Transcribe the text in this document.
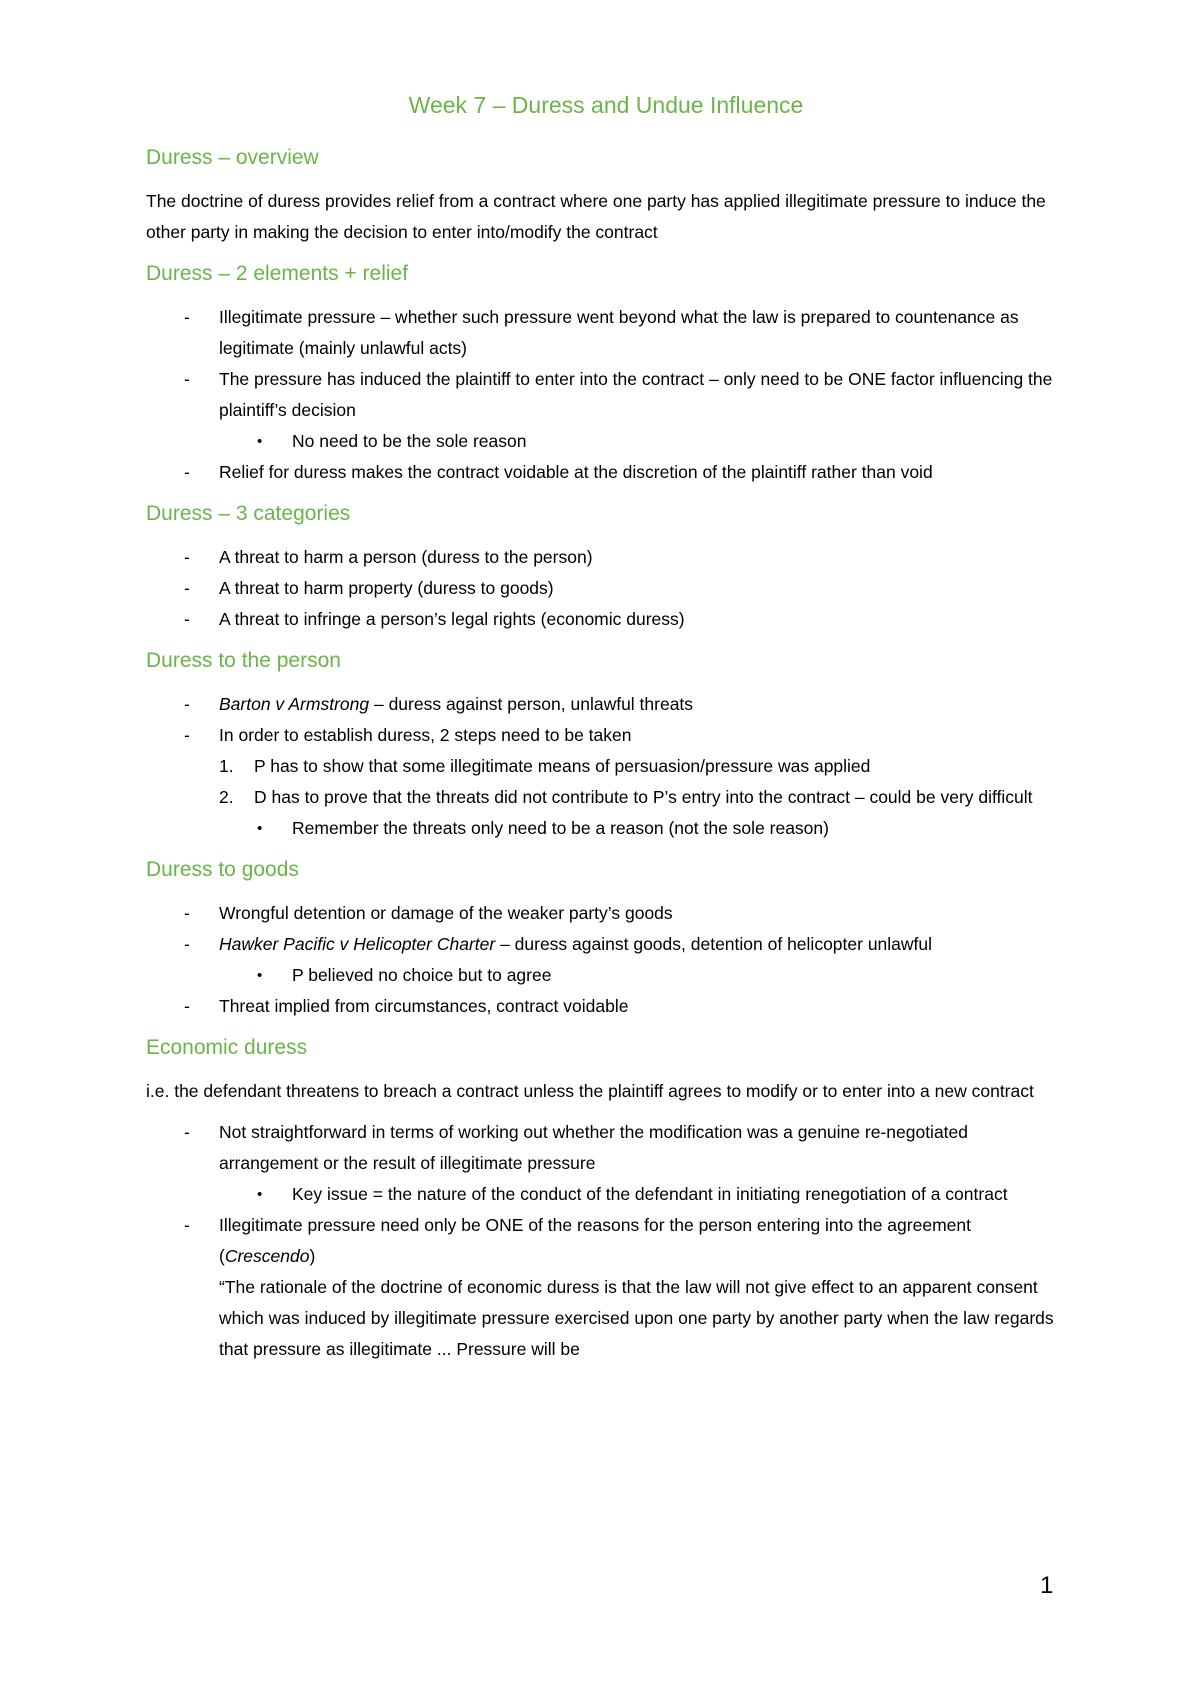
Week 7 – Duress and Undue Influence
Duress – overview

The doctrine of duress provides relief from a contract where one party has applied illegitimate pressure to induce the other party in making the decision to enter into/modify the contract

Duress – 2 elements + relief
- Illegitimate pressure – whether such pressure went beyond what the law is prepared to countenance as legitimate (mainly unlawful acts)
- The pressure has induced the plaintiff to enter into the contract – only need to be ONE factor influencing the plaintiff’s decision
• No need to be the sole reason
- Relief for duress makes the contract voidable at the discretion of the plaintiff rather than void
Duress – 3 categories
- A threat to harm a person (duress to the person)
- A threat to harm property (duress to goods)
- A threat to infringe a person’s legal rights (economic duress)
Duress to the person
- Barton v Armstrong – duress against person, unlawful threats
- In order to establish duress, 2 steps need to be taken
1. P has to show that some illegitimate means of persuasion/pressure was applied
2. D has to prove that the threats did not contribute to P’s entry into the contract – could be very difficult
• Remember the threats only need to be a reason (not the sole reason)
Duress to goods
- Wrongful detention or damage of the weaker party’s goods
- Hawker Pacific v Helicopter Charter – duress against goods, detention of helicopter unlawful
• P believed no choice but to agree
- Threat implied from circumstances, contract voidable
Economic duress

i.e. the defendant threatens to breach a contract unless the plaintiff agrees to modify or to enter into a new contract

- Not straightforward in terms of working out whether the modification was a genuine re-negotiated arrangement or the result of illegitimate pressure
• Key issue = the nature of the conduct of the defendant in initiating renegotiation of a contract
- Illegitimate pressure need only be ONE of the reasons for the person entering into the agreement (Crescendo)
“The rationale of the doctrine of economic duress is that the law will not give effect to an apparent consent which was induced by illegitimate pressure exercised upon one party by another party when the law regards that pressure as illegitimate ... Pressure will be
1
